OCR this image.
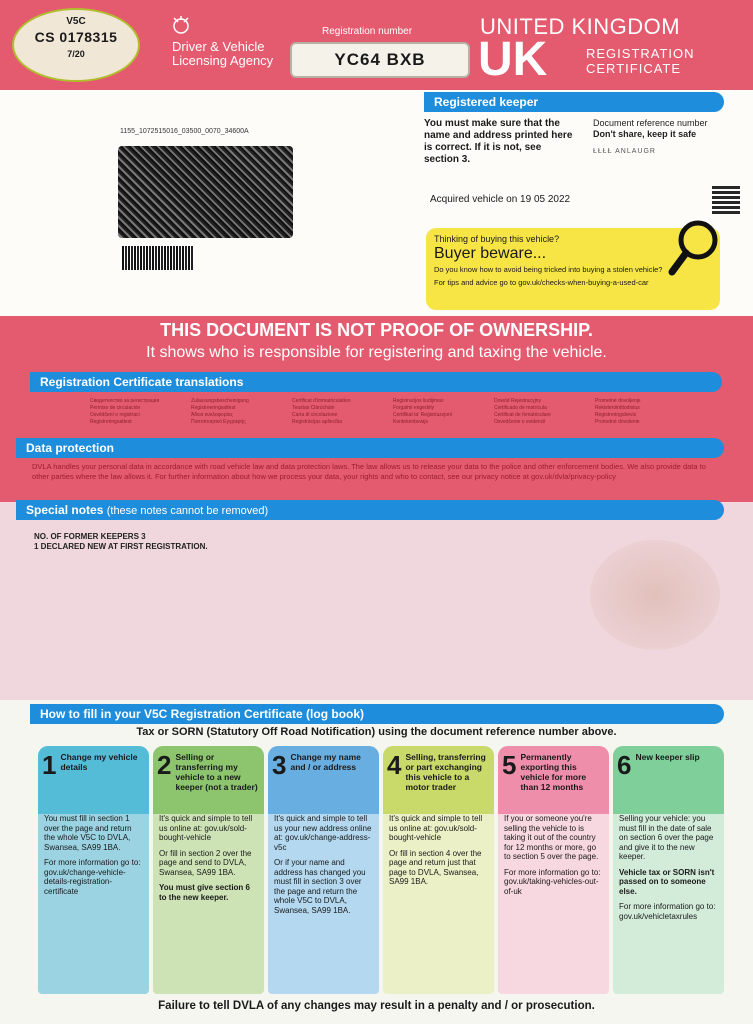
V5C
CS 0178315
7/20	Driver & Vehicle Licensing Agency
Registration number
YC64 BXB
UNITED KINGDOM
UK	REGISTRATION
CERTIFICATE
1155_1072515016_03500_0070_34600A
Registered keeper
You must make sure that the name and address printed here is correct. If it is not, see section 3.
Document reference number
Don't share, keep it safe
ŁŁŁŁ ANLAUGR
Acquired vehicle on 19 05 2022
Thinking of buying this vehicle?
Buyer beware...
Do you know how to avoid being tricked into buying a stolen vehicle?
For tips and advice go to gov.uk/checks-when-buying-a-used-car
THIS DOCUMENT IS NOT PROOF OF OWNERSHIP.
It shows who is responsible for registering and taxing the vehicle.
Registration Certificate translations
Свидетелство за регистрация	Zulassungsbescheinigung	Certificat d'immatriculation	Registracijos liudijimas	Dowód Rejestracyjny	Prometné dovoljenje
Permiso de circulación	Registreeringsattest	Teastas Clárúcháin	Forgalmi engedély	Certificado de matrícula	Rekisteröintitodistus
Osvědčení o registraci	Άδεια κυκλοφορίας	Carta di circolazione	Certifikat ta' Reġistrazzjoni	Certificat de înmatriculare	Registreringsbevis
Registreringsattest	Πιστοποιητικό Εγγραφής	Registrācijas apliecība	Kentekenbewijs	Osvedčenie o evidencii	Prometné dovolenie
Data protection
DVLA handles your personal data in accordance with road vehicle law and data protection laws. The law allows us to release your data to the police and other enforcement bodies. We also provide data to other parties where the law allows it. For further information about how we process your data, your rights and who to contact, see our privacy notice at gov.uk/dvla/privacy-policy
Special notes (these notes cannot be removed)
NO. OF FORMER KEEPERS 3
1 DECLARED NEW AT FIRST REGISTRATION.
How to fill in your V5C Registration Certificate (log book)
Tax or SORN (Statutory Off Road Notification) using the document reference number above.
1 Change my vehicle details

You must fill in section 1 over the page and return the whole V5C to DVLA, Swansea, SA99 1BA.

For more information go to: gov.uk/change-vehicle-details-registration-certificate

2 Selling or transferring my vehicle to a new keeper (not a trader)

It's quick and simple to tell us online at: gov.uk/sold-bought-vehicle

Or fill in section 2 over the page and send to DVLA, Swansea, SA99 1BA.

You must give section 6 to the new keeper.

3 Change my name and / or address

It's quick and simple to tell us your new address online at: gov.uk/change-address-v5c

Or if your name and address has changed you must fill in section 3 over the page and return the whole V5C to DVLA, Swansea, SA99 1BA.

4 Selling, transferring or part exchanging this vehicle to a motor trader

It's quick and simple to tell us online at: gov.uk/sold-bought-vehicle

Or fill in section 4 over the page and return just that page to DVLA, Swansea, SA99 1BA.

5 Permanently exporting this vehicle for more than 12 months

If you or someone you're selling the vehicle to is taking it out of the country for 12 months or more, go to section 5 over the page.

For more information go to: gov.uk/taking-vehicles-out-of-uk

6 New keeper slip

Selling your vehicle: you must fill in the date of sale on section 6 over the page and give it to the new keeper.

Vehicle tax or SORN isn't passed on to someone else.

For more information go to: gov.uk/vehicletaxrules

Failure to tell DVLA of any changes may result in a penalty and / or prosecution.
